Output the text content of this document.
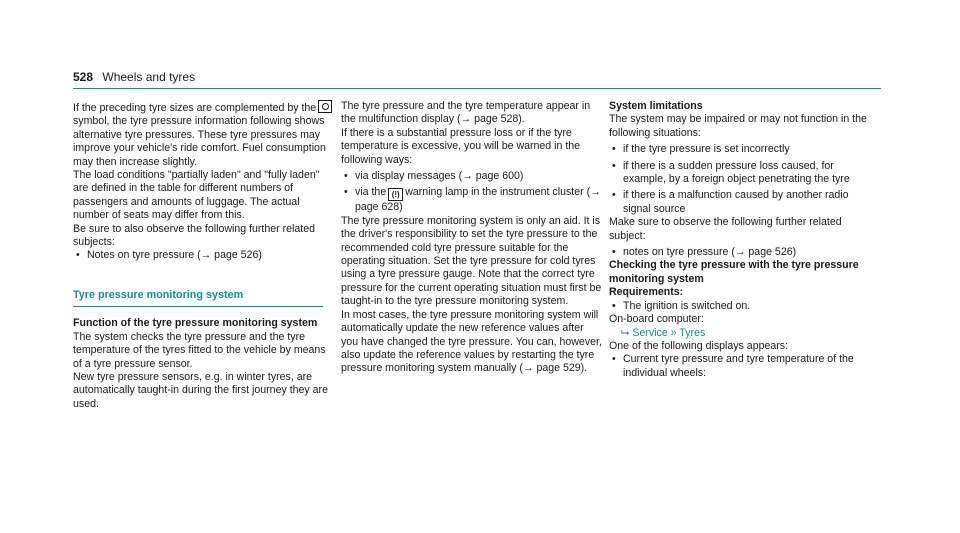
528 Wheels and tyres

If the preceding tyre sizes are complemented by thesymbol, the tyre pressure information following shows alternative tyre pressures. These tyre pressures may improve your vehicle's ride comfort. Fuel consumption may then increase slightly.

The load conditions "partially laden" and "fully laden" are defined in the table for different numbers of passengers and amounts of luggage. The actual number of seats may differ from this.

Be sure to also observe the following further related subjects:

• Notes on tyre pressure (→ page 526)
Tyre pressure monitoring system

Function of the tyre pressure monitoring system

The system checks the tyre pressure and the tyre temperature of the tyres fitted to the vehicle by means of a tyre pressure sensor.

New tyre pressure sensors, e.g. in winter tyres, are automatically taught-in during the first journey they are used.

The tyre pressure and the tyre temperature appear in the multifunction display (→ page 528).

If there is a substantial pressure loss or if the tyre temperature is excessive, you will be warned in the following ways:

• via display messages (→ page 600)
• via the (!) warning lamp in the instrument cluster (→ page 628)

The tyre pressure monitoring system is only an aid. It is the driver's responsibility to set the tyre pressure to the recommended cold tyre pressure suitable for the operating situation. Set the tyre pressure for cold tyres using a tyre pressure gauge. Note that the correct tyre pressure for the current operating situation must first be taught-in to the tyre pressure monitoring system.

In most cases, the tyre pressure monitoring system will automatically update the new reference values after you have changed the tyre pressure. You can, however, also update the reference values by restarting the tyre pressure monitoring system manually (→ page 529).

System limitations

The system may be impaired or may not function in the following situations:

• if the tyre pressure is set incorrectly
• if there is a sudden pressure loss caused, for example, by a foreign object penetrating the tyre
• if there is a malfunction caused by another radio signal source

Make sure to observe the following further related subject:

• notes on tyre pressure (→ page 526)

Checking the tyre pressure with the tyre pressure monitoring system

Requirements:

• The ignition is switched on.

On-board computer:

⮡ Service » Tyres

One of the following displays appears:

• Current tyre pressure and tyre temperature of the individual wheels:
